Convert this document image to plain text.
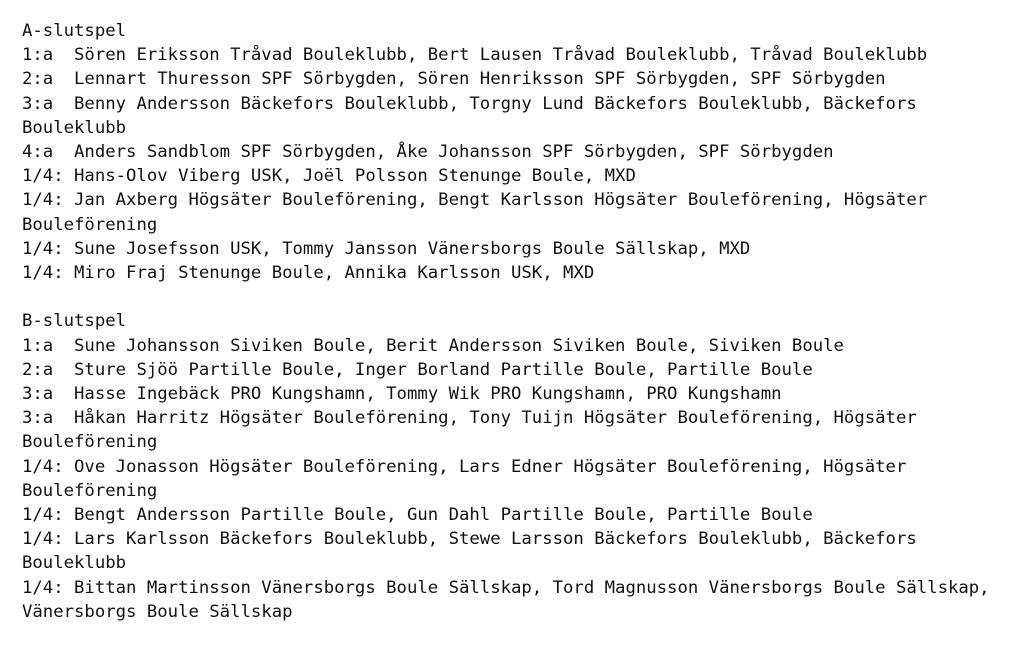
A-slutspel
1:a  Sören Eriksson Tråvad Bouleklubb, Bert Lausen Tråvad Bouleklubb, Tråvad Bouleklubb
2:a  Lennart Thuresson SPF Sörbygden, Sören Henriksson SPF Sörbygden, SPF Sörbygden
3:a  Benny Andersson Bäckefors Bouleklubb, Torgny Lund Bäckefors Bouleklubb, Bäckefors Bouleklubb
4:a  Anders Sandblom SPF Sörbygden, Åke Johansson SPF Sörbygden, SPF Sörbygden
1/4: Hans-Olov Viberg USK, Joël Polsson Stenunge Boule, MXD
1/4: Jan Axberg Högsäter Bouleförening, Bengt Karlsson Högsäter Bouleförening, Högsäter Bouleförening
1/4: Sune Josefsson USK, Tommy Jansson Vänersborgs Boule Sällskap, MXD
1/4: Miro Fraj Stenunge Boule, Annika Karlsson USK, MXD
B-slutspel
1:a  Sune Johansson Siviken Boule, Berit Andersson Siviken Boule, Siviken Boule
2:a  Sture Sjöö Partille Boule, Inger Borland Partille Boule, Partille Boule
3:a  Hasse Ingebäck PRO Kungshamn, Tommy Wik PRO Kungshamn, PRO Kungshamn
3:a  Håkan Harritz Högsäter Bouleförening, Tony Tuijn Högsäter Bouleförening, Högsäter Bouleförening
1/4: Ove Jonasson Högsäter Bouleförening, Lars Edner Högsäter Bouleförening, Högsäter Bouleförening
1/4: Bengt Andersson Partille Boule, Gun Dahl Partille Boule, Partille Boule
1/4: Lars Karlsson Bäckefors Bouleklubb, Stewe Larsson Bäckefors Bouleklubb, Bäckefors Bouleklubb
1/4: Bittan Martinsson Vänersborgs Boule Sällskap, Tord Magnusson Vänersborgs Boule Sällskap, Vänersborgs Boule Sällskap
